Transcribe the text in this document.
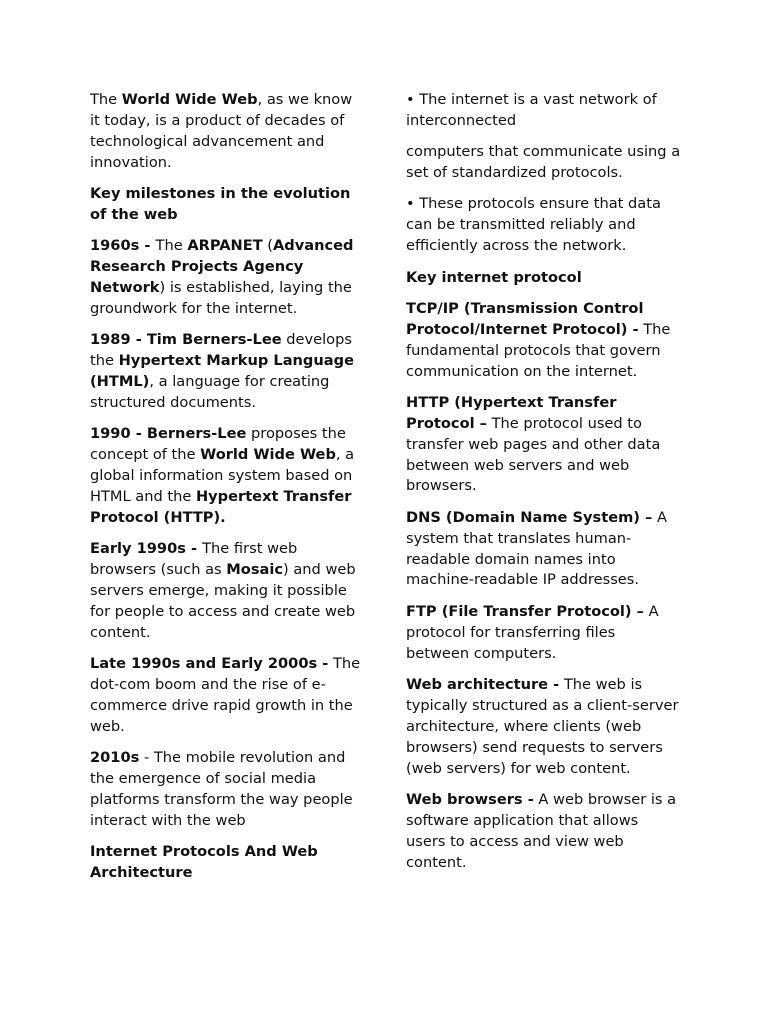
The World Wide Web, as we know it today, is a product of decades of technological advancement and innovation.

Key milestones in the evolution of the web

1960s - The ARPANET (Advanced Research Projects Agency Network) is established, laying the groundwork for the internet.

1989 - Tim Berners-Lee develops the Hypertext Markup Language (HTML), a language for creating structured documents.

1990 - Berners-Lee proposes the concept of the World Wide Web, a global information system based on HTML and the Hypertext Transfer Protocol (HTTP).

Early 1990s - The first web browsers (such as Mosaic) and web servers emerge, making it possible for people to access and create web content.

Late 1990s and Early 2000s - The dot-com boom and the rise of e-commerce drive rapid growth in the web.

2010s - The mobile revolution and the emergence of social media platforms transform the way people interact with the web

Internet Protocols And Web Architecture

• The internet is a vast network of interconnected

computers that communicate using a set of standardized protocols.

• These protocols ensure that data can be transmitted reliably and efficiently across the network.

Key internet protocol

TCP/IP (Transmission Control Protocol/Internet Protocol) - The fundamental protocols that govern communication on the internet.

HTTP (Hypertext Transfer Protocol – The protocol used to transfer web pages and other data between web servers and web browsers.

DNS (Domain Name System) – A system that translates human-readable domain names into machine-readable IP addresses.

FTP (File Transfer Protocol) – A protocol for transferring files between computers.

Web architecture - The web is typically structured as a client-server architecture, where clients (web browsers) send requests to servers (web servers) for web content.

Web browsers - A web browser is a software application that allows users to access and view web content.
